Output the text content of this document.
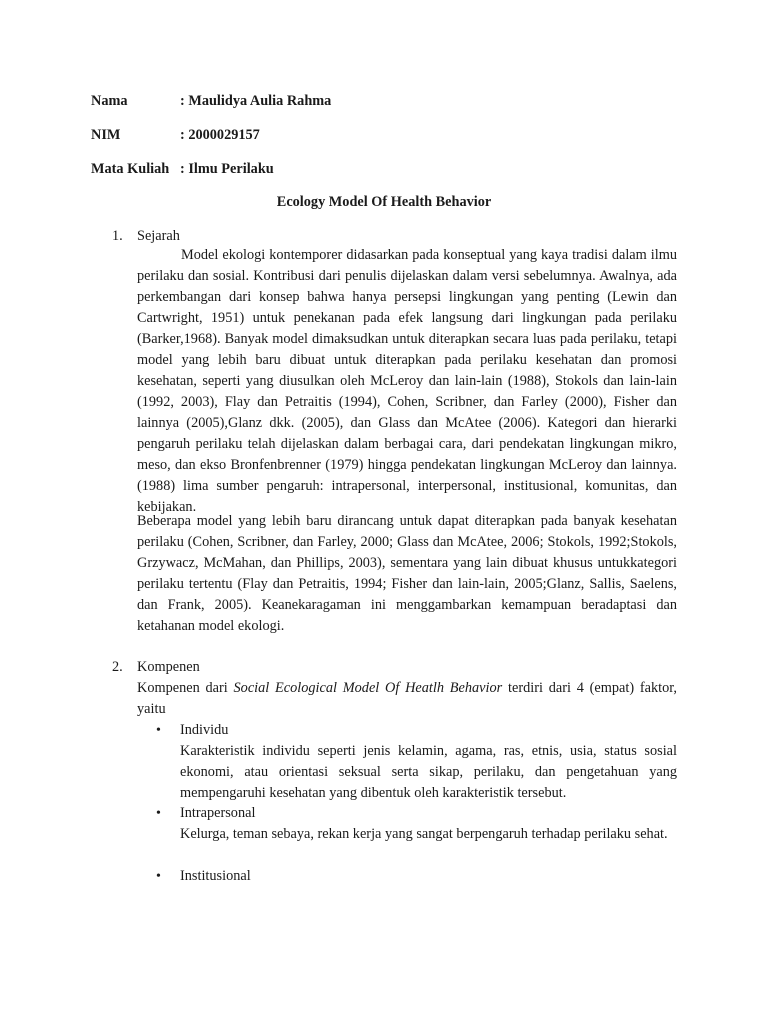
Nama	: Maulidya Aulia Rahma
NIM	: 2000029157
Mata Kuliah : Ilmu Perilaku
Ecology Model Of Health Behavior
1. Sejarah

Model ekologi kontemporer didasarkan pada konseptual yang kaya tradisi dalam ilmu perilaku dan sosial. Kontribusi dari penulis dijelaskan dalam versi sebelumnya. Awalnya, ada perkembangan dari konsep bahwa hanya persepsi lingkungan yang penting (Lewin dan Cartwright, 1951) untuk penekanan pada efek langsung dari lingkungan pada perilaku (Barker,1968). Banyak model dimaksudkan untuk diterapkan secara luas pada perilaku, tetapi model yang lebih baru dibuat untuk diterapkan pada perilaku kesehatan dan promosi kesehatan, seperti yang diusulkan oleh McLeroy dan lain-lain (1988), Stokols dan lain-lain (1992, 2003), Flay dan Petraitis (1994), Cohen, Scribner, dan Farley (2000), Fisher dan lainnya (2005),Glanz dkk. (2005), dan Glass dan McAtee (2006). Kategori dan hierarki pengaruh perilaku telah dijelaskan dalam berbagai cara, dari pendekatan lingkungan mikro, meso, dan ekso Bronfenbrenner (1979) hingga pendekatan lingkungan McLeroy dan lainnya.(1988) lima sumber pengaruh: intrapersonal, interpersonal, institusional, komunitas, dan kebijakan.

Beberapa model yang lebih baru dirancang untuk dapat diterapkan pada banyak kesehatan perilaku (Cohen, Scribner, dan Farley, 2000; Glass dan McAtee, 2006; Stokols, 1992;Stokols, Grzywacz, McMahan, dan Phillips, 2003), sementara yang lain dibuat khusus untukkategori perilaku tertentu (Flay dan Petraitis, 1994; Fisher dan lain-lain, 2005;Glanz, Sallis, Saelens, dan Frank, 2005). Keanekaragaman ini menggambarkan kemampuan beradaptasi dan ketahanan model ekologi.

2. Kompenen

Kompenen dari Social Ecological Model Of Heatlh Behavior terdiri dari 4 (empat) faktor, yaitu

• Individu

Karakteristik individu seperti jenis kelamin, agama, ras, etnis, usia, status sosial ekonomi, atau orientasi seksual serta sikap, perilaku, dan pengetahuan yang mempengaruhi kesehatan yang dibentuk oleh karakteristik tersebut.

• Intrapersonal

Kelurga, teman sebaya, rekan kerja yang sangat berpengaruh terhadap perilaku sehat.

• Institusional
